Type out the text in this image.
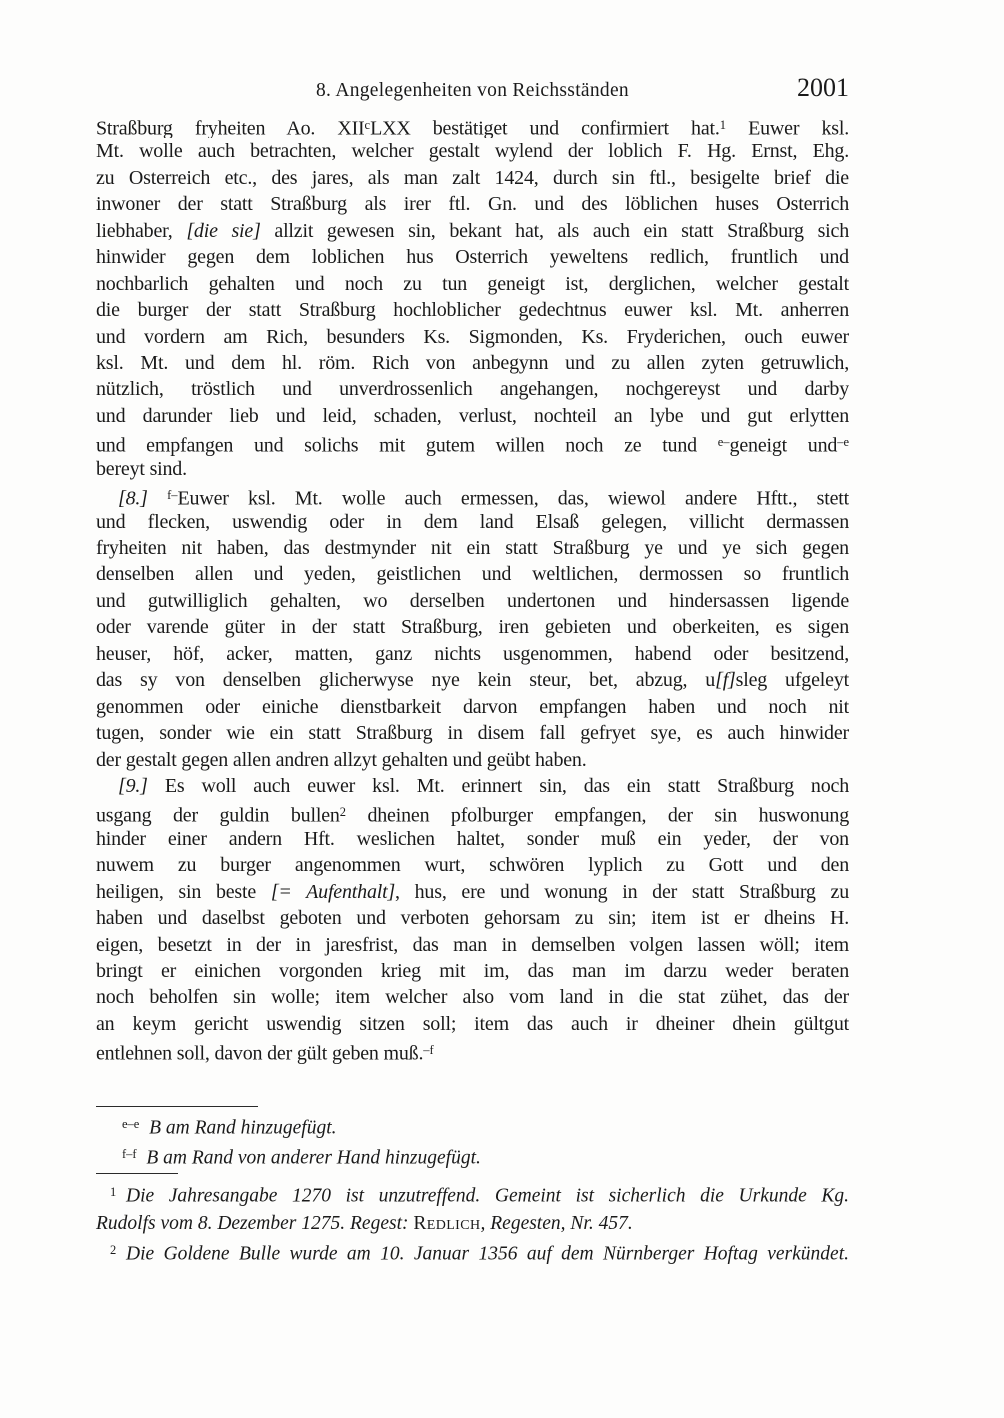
8. Angelegenheiten von Reichsständen	2001
Straßburg fryheiten Ao. XII$^c$LXX bestätiget und confirmiert hat.$^1$ Euwer ksl.
Mt. wolle auch betrachten, welcher gestalt wylend der loblich F. Hg. Ernst, Ehg.
zu Osterreich etc., des jares, als man zalt 1424, durch sin ftl., besigelte brief die
inwoner der statt Straßburg als irer ftl. Gn. und des löblichen huses Osterrich
liebhaber, [die sie] allzit gewesen sin, bekant hat, als auch ein statt Straßburg sich
hinwider gegen dem loblichen hus Osterrich yeweltens redlich, fruntlich und
nochbarlich gehalten und noch zu tun geneigt ist, derglichen, welcher gestalt
die burger der statt Straßburg hochloblicher gedechtnus euwer ksl. Mt. anherren
und vordern am Rich, besunders Ks. Sigmonden, Ks. Fryderichen, ouch euwer
ksl. Mt. und dem hl. röm. Rich von anbegynn und zu allen zyten getruwlich,
nützlich, tröstlich und unverdrossenlich angehangen, nochgereyst und darby
und darunder lieb und leid, schaden, verlust, nochteil an lybe und gut erlytten
und empfangen und solichs mit gutem willen noch ze tund $^{e-}$geneigt und$^{-e}$
bereyt sind.
[8.] $^{f-}$Euwer ksl. Mt. wolle auch ermessen, das, wiewol andere Hftt., stett
und flecken, uswendig oder in dem land Elsaß gelegen, villicht dermassen
fryheiten nit haben, das destmynder nit ein statt Straßburg ye und ye sich gegen
denselben allen und yeden, geistlichen und weltlichen, dermossen so fruntlich
und gutwilliglich gehalten, wo derselben undertonen und hindersassen ligende
oder varende güter in der statt Straßburg, iren gebieten und oberkeiten, es sigen
heuser, höf, acker, matten, ganz nichts usgenommen, habend oder besitzend,
das sy von denselben glicherwyse nye kein steur, bet, abzug, u[f]sleg ufgeleyt
genommen oder einiche dienstbarkeit darvon empfangen haben und noch nit
tugen, sonder wie ein statt Straßburg in disem fall gefryet sye, es auch hinwider
der gestalt gegen allen andren allzyt gehalten und geübt haben.
[9.] Es woll auch euwer ksl. Mt. erinnert sin, das ein statt Straßburg noch
usgang der guldin bullen$^2$ dheinen pfolburger empfangen, der sin huswonung
hinder einer andern Hft. weslichen haltet, sonder muß ein yeder, der von
nuwem zu burger angenommen wurt, schwören lyplich zu Gott und den
heiligen, sin beste [= Aufenthalt], hus, ere und wonung in der statt Straßburg zu
haben und daselbst geboten und verboten gehorsam zu sin; item ist er dheins H.
eigen, besetzt in der in jaresfrist, das man in demselben volgen lassen wöll; item
bringt er einichen vorgonden krieg mit im, das man im darzu weder beraten
noch beholfen sin wolle; item welcher also vom land in die stat zühet, das der
an keym gericht uswendig sitzen soll; item das auch ir dheiner dhein gültgut
entlehnen soll, davon der gült geben muß.$^{-f}$
$^{e-e}$  B am Rand hinzugefügt.
$^{f-f}$  B am Rand von anderer Hand hinzugefügt.
$^1$ Die Jahresangabe 1270 ist unzutreffend. Gemeint ist sicherlich die Urkunde Kg.
Rudolfs vom 8. Dezember 1275. Regest: Redlich, Regesten, Nr. 457.
$^2$ Die Goldene Bulle wurde am 10. Januar 1356 auf dem Nürnberger Hoftag verkündet.
